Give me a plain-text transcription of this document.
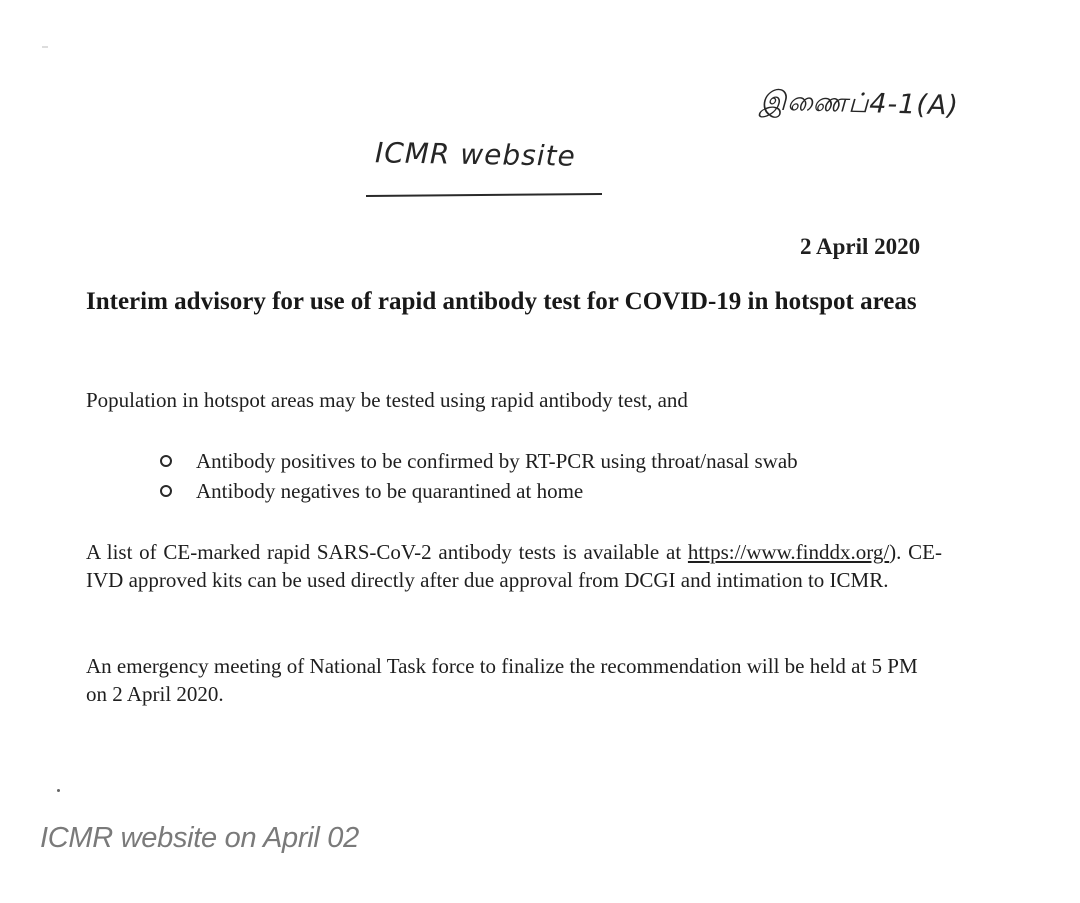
இணைப்4-1(A)
ICMR website
2 April 2020
Interim advisory for use of rapid antibody test for COVID-19 in hotspot areas
Population in hotspot areas may be tested using rapid antibody test, and
Antibody positives to be confirmed by RT-PCR using throat/nasal swab
Antibody negatives to be quarantined at home
A list of CE-marked rapid SARS-CoV-2 antibody tests is available at https://www.finddx.org/). CE-IVD approved kits can be used directly after due approval from DCGI and intimation to ICMR.
An emergency meeting of National Task force to finalize the recommendation will be held at 5 PM on 2 April 2020.
ICMR website on April 02
